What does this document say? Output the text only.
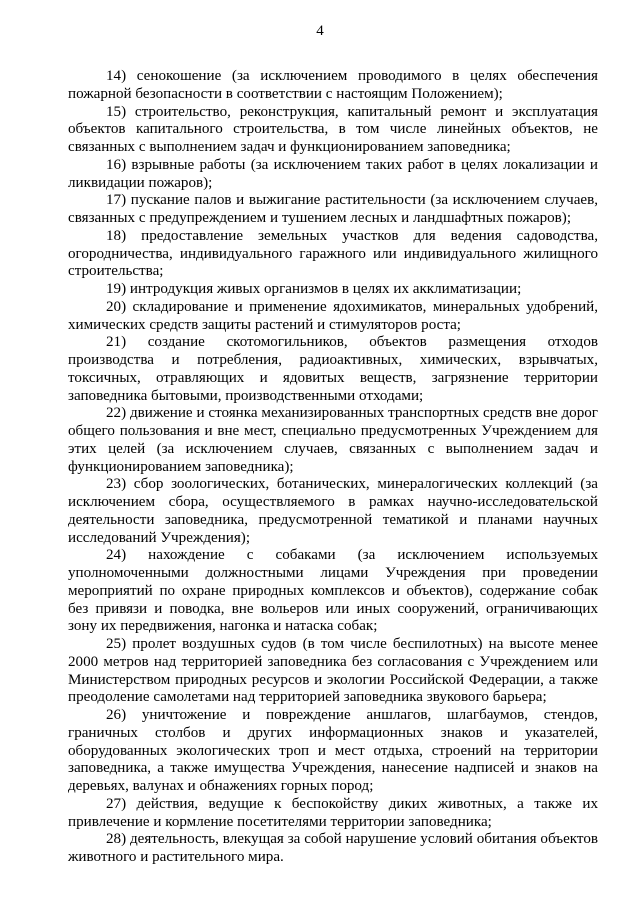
4

14) сенокошение (за исключением проводимого в целях обеспечения пожарной безопасности в соответствии с настоящим Положением);

15) строительство, реконструкция, капитальный ремонт и эксплуатация объектов капитального строительства, в том числе линейных объектов, не связанных с выполнением задач и функционированием заповедника;

16) взрывные работы (за исключением таких работ в целях локализации и ликвидации пожаров);

17) пускание палов и выжигание растительности (за исключением случаев, связанных с предупреждением и тушением лесных и ландшафтных пожаров);

18) предоставление земельных участков для ведения садоводства, огородничества, индивидуального гаражного или индивидуального жилищного строительства;

19) интродукция живых организмов в целях их акклиматизации;

20) складирование и применение ядохимикатов, минеральных удобрений, химических средств защиты растений и стимуляторов роста;

21) создание скотомогильников, объектов размещения отходов производства и потребления, радиоактивных, химических, взрывчатых, токсичных, отравляющих и ядовитых веществ, загрязнение территории заповедника бытовыми, производственными отходами;

22) движение и стоянка механизированных транспортных средств вне дорог общего пользования и вне мест, специально предусмотренных Учреждением для этих целей (за исключением случаев, связанных с выполнением задач и функционированием заповедника);

23) сбор зоологических, ботанических, минералогических коллекций (за исключением сбора, осуществляемого в рамках научно-исследовательской деятельности заповедника, предусмотренной тематикой и планами научных исследований Учреждения);

24) нахождение с собаками (за исключением используемых уполномоченными должностными лицами Учреждения при проведении мероприятий по охране природных комплексов и объектов), содержание собак без привязи и поводка, вне вольеров или иных сооружений, ограничивающих зону их передвижения, нагонка и натаска собак;

25) пролет воздушных судов (в том числе беспилотных) на высоте менее 2000 метров над территорией заповедника без согласования с Учреждением или Министерством природных ресурсов и экологии Российской Федерации, а также преодоление самолетами над территорией заповедника звукового барьера;

26) уничтожение и повреждение аншлагов, шлагбаумов, стендов, граничных столбов и других информационных знаков и указателей, оборудованных экологических троп и мест отдыха, строений на территории заповедника, а также имущества Учреждения, нанесение надписей и знаков на деревьях, валунах и обнажениях горных пород;

27) действия, ведущие к беспокойству диких животных, а также их привлечение и кормление посетителями территории заповедника;

28) деятельность, влекущая за собой нарушение условий обитания объектов животного и растительного мира.
